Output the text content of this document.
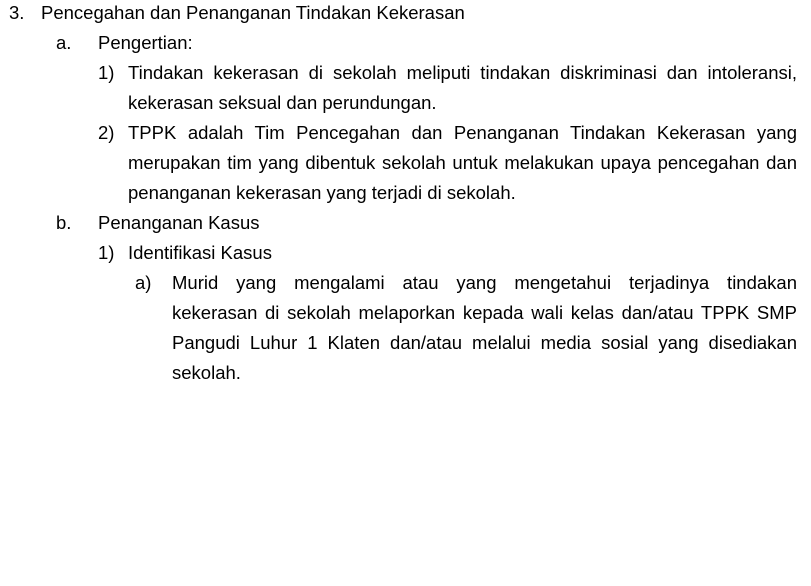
3. Pencegahan dan Penanganan Tindakan Kekerasan
a. Pengertian:
1) Tindakan kekerasan di sekolah meliputi tindakan diskriminasi dan intoleransi, kekerasan seksual dan perundungan.
2) TPPK adalah Tim Pencegahan dan Penanganan Tindakan Kekerasan yang merupakan tim yang dibentuk sekolah untuk melakukan upaya pencegahan dan penanganan kekerasan yang terjadi di sekolah.
b. Penanganan Kasus
1) Identifikasi Kasus
a) Murid yang mengalami atau yang mengetahui terjadinya tindakan kekerasan di sekolah melaporkan kepada wali kelas dan/atau TPPK SMP Pangudi Luhur 1 Klaten dan/atau melalui media sosial yang disediakan sekolah.
